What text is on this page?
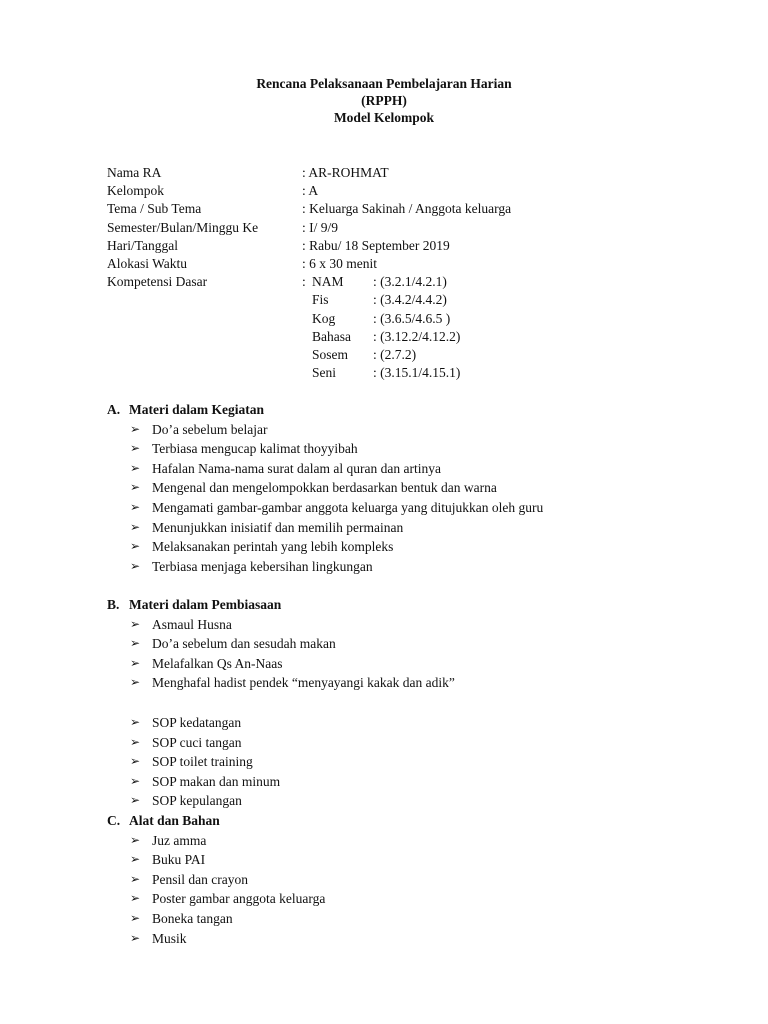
Rencana Pelaksanaan Pembelajaran Harian
(RPPH)
Model Kelompok
Nama RA	: AR-ROHMAT
Kelompok	: A
Tema / Sub Tema	: Keluarga Sakinah / Anggota keluarga
Semester/Bulan/Minggu Ke	: I/ 9/9
Hari/Tanggal	: Rabu/ 18 September 2019
Alokasi Waktu	: 6 x 30 menit
Kompetensi Dasar	: NAM : (3.2.1/4.2.1)
Fis	: (3.4.2/4.4.2)
Kog	: (3.6.5/4.6.5 )
Bahasa : (3.12.2/4.12.2)
Sosem : (2.7.2)
Seni	: (3.15.1/4.15.1)
A. Materi dalam Kegiatan
➢ Do’a sebelum belajar
➢ Terbiasa mengucap kalimat thoyyibah
➢ Hafalan Nama-nama surat dalam al quran dan artinya
➢ Mengenal dan mengelompokkan berdasarkan bentuk dan warna
➢ Mengamati gambar-gambar anggota keluarga yang ditujukkan oleh guru
➢ Menunjukkan inisiatif dan memilih permainan
➢ Melaksanakan perintah yang lebih kompleks
➢ Terbiasa menjaga kebersihan lingkungan
B. Materi dalam Pembiasaan
➢ Asmaul Husna
➢ Do’a sebelum dan sesudah makan
➢ Melafalkan Qs An-Naas
➢ Menghafal hadist pendek “menyayangi kakak dan adik”
➢ SOP kedatangan
➢ SOP cuci tangan
➢ SOP toilet training
➢ SOP makan dan minum
➢ SOP kepulangan
C. Alat dan Bahan
➢ Juz amma
➢ Buku PAI
➢ Pensil dan crayon
➢ Poster gambar anggota keluarga
➢ Boneka tangan
➢ Musik
